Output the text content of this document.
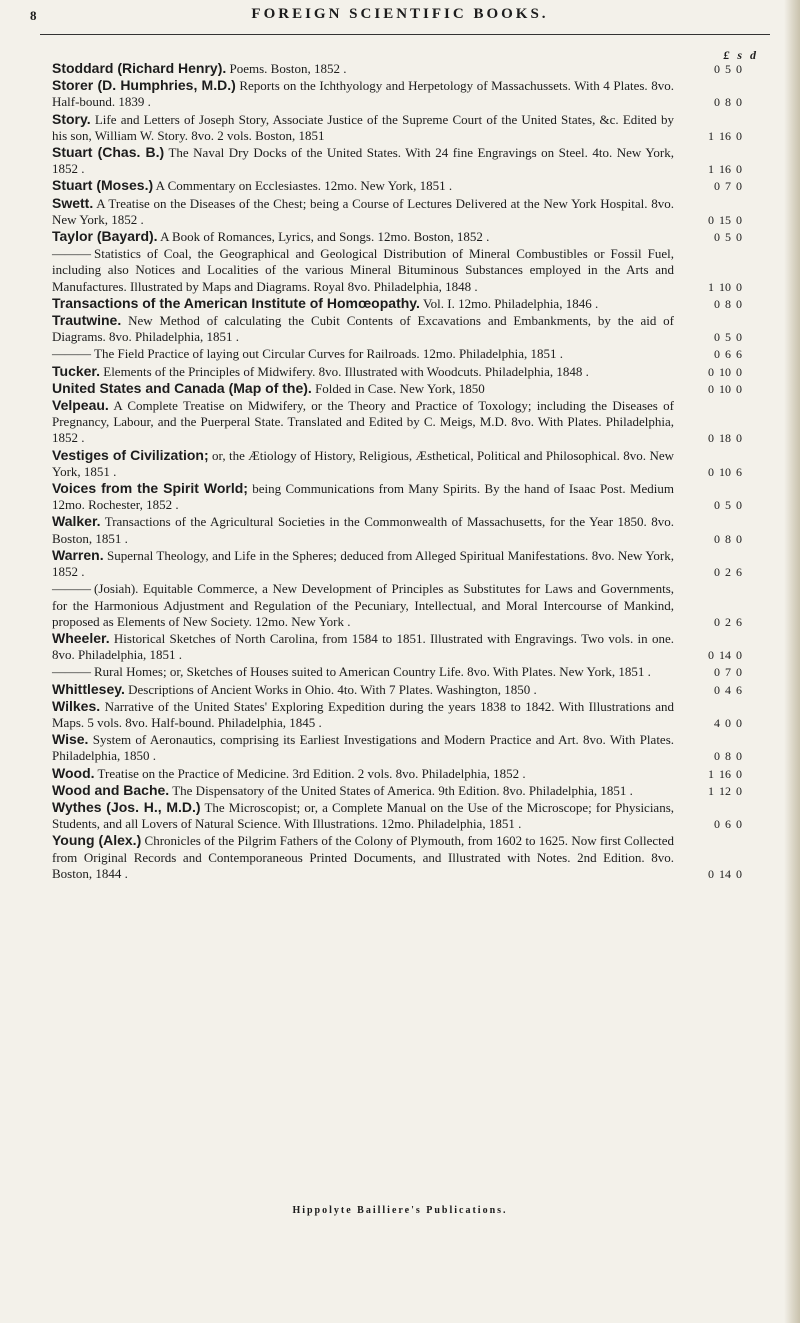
8	FOREIGN SCIENTIFIC BOOKS.
£ s d

Stoddard (Richard Henry). Poems. Boston, 1852 .	0 5 0

Storer (D. Humphries, M.D.) Reports on the Ichthyology and Herpetology of Massachussets. With 4 Plates. 8vo. Half-bound. 1839 .	0 8 0

Story. Life and Letters of Joseph Story, Associate Justice of the Supreme Court of the United States, &c. Edited by his son, William W. Story. 8vo. 2 vols. Boston, 1851	1 16 0

Stuart (Chas. B.) The Naval Dry Docks of the United States. With 24 fine Engravings on Steel. 4to. New York, 1852 .	1 16 0

Stuart (Moses.) A Commentary on Ecclesiastes. 12mo. New York, 1851 .	0 7 0

Swett. A Treatise on the Diseases of the Chest; being a Course of Lectures Delivered at the New York Hospital. 8vo. New York, 1852 .	0 15 0

Taylor (Bayard). A Book of Romances, Lyrics, and Songs. 12mo. Boston, 1852 .	0 5 0

———Statistics of Coal, the Geographical and Geological Distribution of Mineral Combustibles or Fossil Fuel, including also Notices and Localities of the various Mineral Bituminous Substances employed in the Arts and Manufactures. Illustrated by Maps and Diagrams. Royal 8vo. Philadelphia, 1848 .	1 10 0

Transactions of the American Institute of Homœopathy. Vol. I. 12mo. Philadelphia, 1846 .	0 8 0

Trautwine. New Method of calculating the Cubit Contents of Excavations and Embankments, by the aid of Diagrams. 8vo. Philadelphia, 1851 .	0 5 0

———The Field Practice of laying out Circular Curves for Railroads. 12mo. Philadelphia, 1851 .	0 6 6

Tucker. Elements of the Principles of Midwifery. 8vo. Illustrated with Woodcuts. Philadelphia, 1848 .	0 10 0

United States and Canada (Map of the). Folded in Case. New York, 1850	0 10 0

Velpeau. A Complete Treatise on Midwifery, or the Theory and Practice of Toxology; including the Diseases of Pregnancy, Labour, and the Puerperal State. Translated and Edited by C. Meigs, M.D. 8vo. With Plates. Philadelphia, 1852 .	0 18 0

Vestiges of Civilization; or, the Ætiology of History, Religious, Æsthetical, Political and Philosophical. 8vo. New York, 1851 .	0 10 6

Voices from the Spirit World; being Communications from Many Spirits. By the hand of Isaac Post. Medium 12mo. Rochester, 1852 .	0 5 0

Walker. Transactions of the Agricultural Societies in the Commonwealth of Massachusetts, for the Year 1850. 8vo. Boston, 1851 .	0 8 0

Warren. Supernal Theology, and Life in the Spheres; deduced from Alleged Spiritual Manifestations. 8vo. New York, 1852 .	0 2 6

———(Josiah). Equitable Commerce, a New Development of Principles as Substitutes for Laws and Governments, for the Harmonious Adjustment and Regulation of the Pecuniary, Intellectual, and Moral Intercourse of Mankind, proposed as Elements of New Society. 12mo. New York .	0 2 6

Wheeler. Historical Sketches of North Carolina, from 1584 to 1851. Illustrated with Engravings. Two vols. in one. 8vo. Philadelphia, 1851 .	0 14 0

———Rural Homes; or, Sketches of Houses suited to American Country Life. 8vo. With Plates. New York, 1851 .	0 7 0

Whittlesey. Descriptions of Ancient Works in Ohio. 4to. With 7 Plates. Washington, 1850 .	0 4 6

Wilkes. Narrative of the United States' Exploring Expedition during the years 1838 to 1842. With Illustrations and Maps. 5 vols. 8vo. Half-bound. Philadelphia, 1845 .	4 0 0

Wise. System of Aeronautics, comprising its Earliest Investigations and Modern Practice and Art. 8vo. With Plates. Philadelphia, 1850 .	0 8 0

Wood. Treatise on the Practice of Medicine. 3rd Edition. 2 vols. 8vo. Philadelphia, 1852 .	1 16 0

Wood and Bache. The Dispensatory of the United States of America. 9th Edition. 8vo. Philadelphia, 1851 .	1 12 0

Wythes (Jos. H., M.D.) The Microscopist; or, a Complete Manual on the Use of the Microscope; for Physicians, Students, and all Lovers of Natural Science. With Illustrations. 12mo. Philadelphia, 1851 .	0 6 0

Young (Alex.) Chronicles of the Pilgrim Fathers of the Colony of Plymouth, from 1602 to 1625. Now first Collected from Original Records and Contemporaneous Printed Documents, and Illustrated with Notes. 2nd Edition. 8vo. Boston, 1844 .	0 14 0

Hippolyte Bailliere's Publications.
